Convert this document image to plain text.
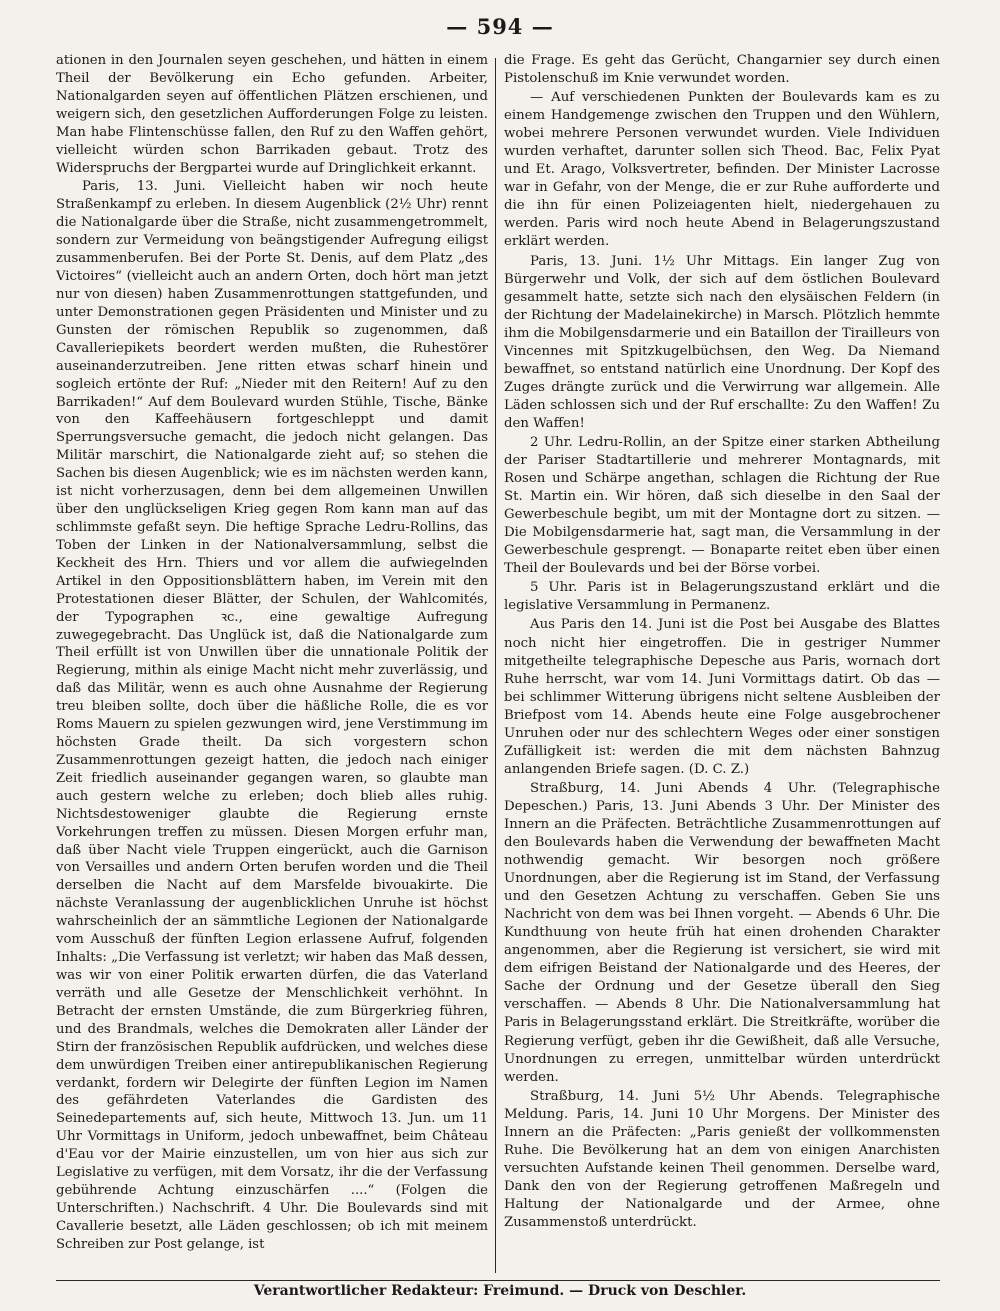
— 594 —

ationen in den Journalen seyen geschehen, und hätten in einem Theil der Bevölkerung ein Echo gefunden. Arbeiter, Nationalgarden seyen auf öffentlichen Plätzen erschienen, und weigern sich, den gesetzlichen Aufforderungen Folge zu leisten. Man habe Flintenschüsse fallen, den Ruf zu den Waffen gehört, vielleicht würden schon Barrikaden gebaut. Trotz des Widerspruchs der Bergpartei wurde auf Dringlichkeit erkannt.

Paris, 13. Juni. Vielleicht haben wir noch heute Straßenkampf zu erleben. In diesem Augenblick (2½ Uhr) rennt die Nationalgarde über die Straße, nicht zusammengetrommelt, sondern zur Vermeidung von beängstigender Aufregung eiligst zusammenberufen. Bei der Porte St. Denis, auf dem Platz „des Victoires“ (vielleicht auch an andern Orten, doch hört man jetzt nur von diesen) haben Zusammenrottungen stattgefunden, und unter Demonstrationen gegen Präsidenten und Minister und zu Gunsten der römischen Republik so zugenommen, daß Cavalleriepikets beordert werden mußten, die Ruhestörer auseinanderzutreiben. Jene ritten etwas scharf hinein und sogleich ertönte der Ruf: „Nieder mit den Reitern! Auf zu den Barrikaden!“ Auf dem Boulevard wurden Stühle, Tische, Bänke von den Kaffeehäusern fortgeschleppt und damit Sperrungsversuche gemacht, die jedoch nicht gelangen. Das Militär marschirt, die Nationalgarde zieht auf; so stehen die Sachen bis diesen Augenblick; wie es im nächsten werden kann, ist nicht vorherzusagen, denn bei dem allgemeinen Unwillen über den unglückseligen Krieg gegen Rom kann man auf das schlimmste gefaßt seyn. Die heftige Sprache Ledru-Rollins, das Toben der Linken in der Nationalversammlung, selbst die Keckheit des Hrn. Thiers und vor allem die aufwiegelnden Artikel in den Oppositionsblättern haben, im Verein mit den Protestationen dieser Blätter, der Schulen, der Wahlcomités, der Typographen ꝛc., eine gewaltige Aufregung zuwegegebracht. Das Unglück ist, daß die Nationalgarde zum Theil erfüllt ist von Unwillen über die unnationale Politik der Regierung, mithin als einige Macht nicht mehr zuverlässig, und daß das Militär, wenn es auch ohne Ausnahme der Regierung treu bleiben sollte, doch über die häßliche Rolle, die es vor Roms Mauern zu spielen gezwungen wird, jene Verstimmung im höchsten Grade theilt. Da sich vorgestern schon Zusammenrottungen gezeigt hatten, die jedoch nach einiger Zeit friedlich auseinander gegangen waren, so glaubte man auch gestern welche zu erleben; doch blieb alles ruhig. Nichtsdestoweniger glaubte die Regierung ernste Vorkehrungen treffen zu müssen. Diesen Morgen erfuhr man, daß über Nacht viele Truppen eingerückt, auch die Garnison von Versailles und andern Orten berufen worden und die Theil derselben die Nacht auf dem Marsfelde bivouakirte. Die nächste Veranlassung der augenblicklichen Unruhe ist höchst wahrscheinlich der an sämmtliche Legionen der Nationalgarde vom Ausschuß der fünften Legion erlassene Aufruf, folgenden Inhalts: „Die Verfassung ist verletzt; wir haben das Maß dessen, was wir von einer Politik erwarten dürfen, die das Vaterland verräth und alle Gesetze der Menschlichkeit verhöhnt. In Betracht der ernsten Umstände, die zum Bürgerkrieg führen, und des Brandmals, welches die Demokraten aller Länder der Stirn der französischen Republik aufdrücken, und welches diese dem unwürdigen Treiben einer antirepublikanischen Regierung verdankt, fordern wir Delegirte der fünften Legion im Namen des gefährdeten Vaterlandes die Gardisten des Seinedepartements auf, sich heute, Mittwoch 13. Jun. um 11 Uhr Vormittags in Uniform, jedoch unbewaffnet, beim Château d'Eau vor der Mairie einzustellen, um von hier aus sich zur Legislative zu verfügen, mit dem Vorsatz, ihr die der Verfassung gebührende Achtung einzuschärfen ....“ (Folgen die Unterschriften.) Nachschrift. 4 Uhr. Die Boulevards sind mit Cavallerie besetzt, alle Läden geschlossen; ob ich mit meinem Schreiben zur Post gelange, ist

die Frage. Es geht das Gerücht, Changarnier sey durch einen Pistolenschuß im Knie verwundet worden.

— Auf verschiedenen Punkten der Boulevards kam es zu einem Handgemenge zwischen den Truppen und den Wühlern, wobei mehrere Personen verwundet wurden. Viele Individuen wurden verhaftet, darunter sollen sich Theod. Bac, Felix Pyat und Et. Arago, Volksvertreter, befinden. Der Minister Lacrosse war in Gefahr, von der Menge, die er zur Ruhe aufforderte und die ihn für einen Polizeiagenten hielt, niedergehauen zu werden. Paris wird noch heute Abend in Belagerungszustand erklärt werden.

Paris, 13. Juni. 1½ Uhr Mittags. Ein langer Zug von Bürgerwehr und Volk, der sich auf dem östlichen Boulevard gesammelt hatte, setzte sich nach den elysäischen Feldern (in der Richtung der Madelainekirche) in Marsch. Plötzlich hemmte ihm die Mobilgensdarmerie und ein Bataillon der Tirailleurs von Vincennes mit Spitzkugelbüchsen, den Weg. Da Niemand bewaffnet, so entstand natürlich eine Unordnung. Der Kopf des Zuges drängte zurück und die Verwirrung war allgemein. Alle Läden schlossen sich und der Ruf erschallte: Zu den Waffen! Zu den Waffen!

2 Uhr. Ledru-Rollin, an der Spitze einer starken Abtheilung der Pariser Stadtartillerie und mehrerer Montagnards, mit Rosen und Schärpe angethan, schlagen die Richtung der Rue St. Martin ein. Wir hören, daß sich dieselbe in den Saal der Gewerbeschule begibt, um mit der Montagne dort zu sitzen. — Die Mobilgensdarmerie hat, sagt man, die Versammlung in der Gewerbeschule gesprengt. — Bonaparte reitet eben über einen Theil der Boulevards und bei der Börse vorbei.

5 Uhr. Paris ist in Belagerungszustand erklärt und die legislative Versammlung in Permanenz.

Aus Paris den 14. Juni ist die Post bei Ausgabe des Blattes noch nicht hier eingetroffen. Die in gestriger Nummer mitgetheilte telegraphische Depesche aus Paris, wornach dort Ruhe herrscht, war vom 14. Juni Vormittags datirt. Ob das — bei schlimmer Witterung übrigens nicht seltene Ausbleiben der Briefpost vom 14. Abends heute eine Folge ausgebrochener Unruhen oder nur des schlechtern Weges oder einer sonstigen Zufälligkeit ist: werden die mit dem nächsten Bahnzug anlangenden Briefe sagen. (D. C. Z.)

Straßburg, 14. Juni Abends 4 Uhr. (Telegraphische Depeschen.) Paris, 13. Juni Abends 3 Uhr. Der Minister des Innern an die Präfecten. Beträchtliche Zusammenrottungen auf den Boulevards haben die Verwendung der bewaffneten Macht nothwendig gemacht. Wir besorgen noch größere Unordnungen, aber die Regierung ist im Stand, der Verfassung und den Gesetzen Achtung zu verschaffen. Geben Sie uns Nachricht von dem was bei Ihnen vorgeht. — Abends 6 Uhr. Die Kundthuung von heute früh hat einen drohenden Charakter angenommen, aber die Regierung ist versichert, sie wird mit dem eifrigen Beistand der Nationalgarde und des Heeres, der Sache der Ordnung und der Gesetze überall den Sieg verschaffen. — Abends 8 Uhr. Die Nationalversammlung hat Paris in Belagerungsstand erklärt. Die Streitkräfte, worüber die Regierung verfügt, geben ihr die Gewißheit, daß alle Versuche, Unordnungen zu erregen, unmittelbar würden unterdrückt werden.

Straßburg, 14. Juni 5½ Uhr Abends. Telegraphische Meldung. Paris, 14. Juni 10 Uhr Morgens. Der Minister des Innern an die Präfecten: „Paris genießt der vollkommensten Ruhe. Die Bevölkerung hat an dem von einigen Anarchisten versuchten Aufstande keinen Theil genommen. Derselbe ward, Dank den von der Regierung getroffenen Maßregeln und Haltung der Nationalgarde und der Armee, ohne Zusammenstoß unterdrückt.

Verantwortlicher Redakteur: Freimund. — Druck von Deschler.
